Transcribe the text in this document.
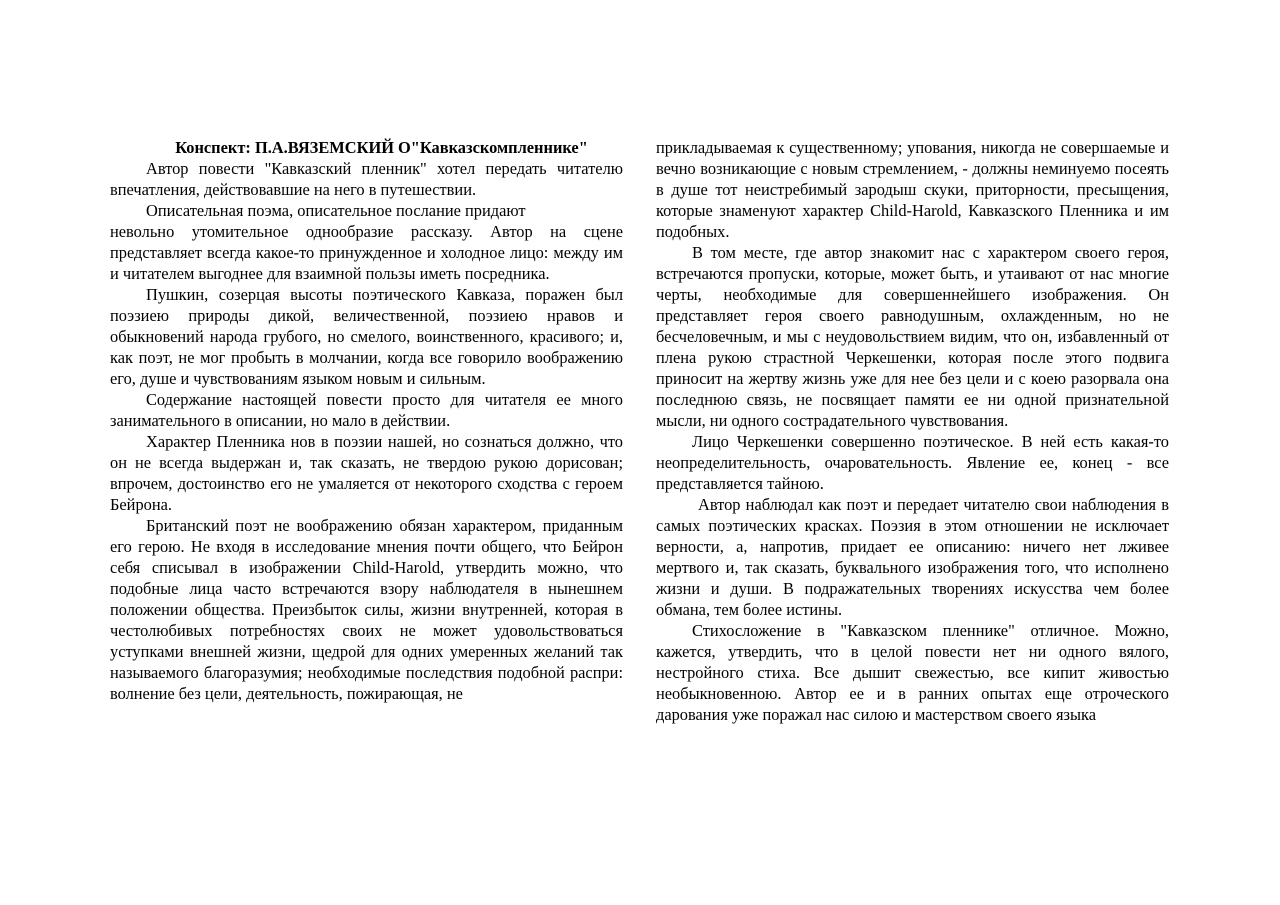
Конспект: П.А.ВЯЗЕМСКИЙ О"Кавказскомпленнике"

Автор повести "Кавказский пленник" хотел передать читателю впечатления, действовавшие на него в путешествии.

Описательная поэма, описательное послание придают

невольно утомительное однообразие рассказу. Автор на сцене представляет всегда какое-то принужденное и холодное лицо: между им и читателем выгоднее для взаимной пользы иметь посредника.

Пушкин, созерцая высоты поэтического Кавказа, поражен был поэзиею природы дикой, величественной, поэзиею нравов и обыкновений народа грубого, но смелого, воинственного, красивого; и, как поэт, не мог пробыть в молчании, когда все говорило воображению его, душе и чувствованиям языком новым и сильным.

Содержание настоящей повести просто для читателя ее много занимательного в описании, но мало в действии.

Характер Пленника нов в поэзии нашей, но сознаться должно, что он не всегда выдержан и, так сказать, не твердою рукою дорисован; впрочем, достоинство его не умаляется от некоторого сходства с героем Бейрона.

Британский поэт не воображению обязан характером, приданным его герою. Не входя в исследование мнения почти общего, что Бейрон себя списывал в изображении Child-Harold, утвердить можно, что подобные лица часто встречаются взору наблюдателя в нынешнем положении общества. Преизбыток силы, жизни внутренней, которая в честолюбивых потребностях своих не может удовольствоваться уступками внешней жизни, щедрой для одних умеренных желаний так называемого благоразумия; необходимые последствия подобной распри: волнение без цели, деятельность, пожирающая, не

прикладываемая к существенному; упования, никогда не совершаемые и вечно возникающие с новым стремлением, - должны неминуемо посеять в душе тот неистребимый зародыш скуки, приторности, пресыщения, которые знаменуют характер Child-Harold, Кавказского Пленника и им подобных.

В том месте, где автор знакомит нас с характером своего героя, встречаются пропуски, которые, может быть, и утаивают от нас многие черты, необходимые для совершеннейшего изображения. Он представляет героя своего равнодушным, охлажденным, но не бесчеловечным, и мы с неудовольствием видим, что он, избавленный от плена рукою страстной Черкешенки, которая после этого подвига приносит на жертву жизнь уже для нее без цели и с коею разорвала она последнюю связь, не посвящает памяти ее ни одной признательной мысли, ни одного сострадательного чувствования.

Лицо Черкешенки совершенно поэтическое. В ней есть какая-то неопределительность, очаровательность. Явление ее, конец - все представляется тайною.

Автор наблюдал как поэт и передает читателю свои наблюдения в самых поэтических красках. Поэзия в этом отношении не исключает верности, а, напротив, придает ее описанию: ничего нет лживее мертвого и, так сказать, буквального изображения того, что исполнено жизни и души. В подражательных творениях искусства чем более обмана, тем более истины.

Стихосложение в "Кавказском пленнике" отличное. Можно, кажется, утвердить, что в целой повести нет ни одного вялого, нестройного стиха. Все дышит свежестью, все кипит живостью необыкновенною. Автор ее и в ранних опытах еще отроческого дарования уже поражал нас силою и мастерством своего языка
